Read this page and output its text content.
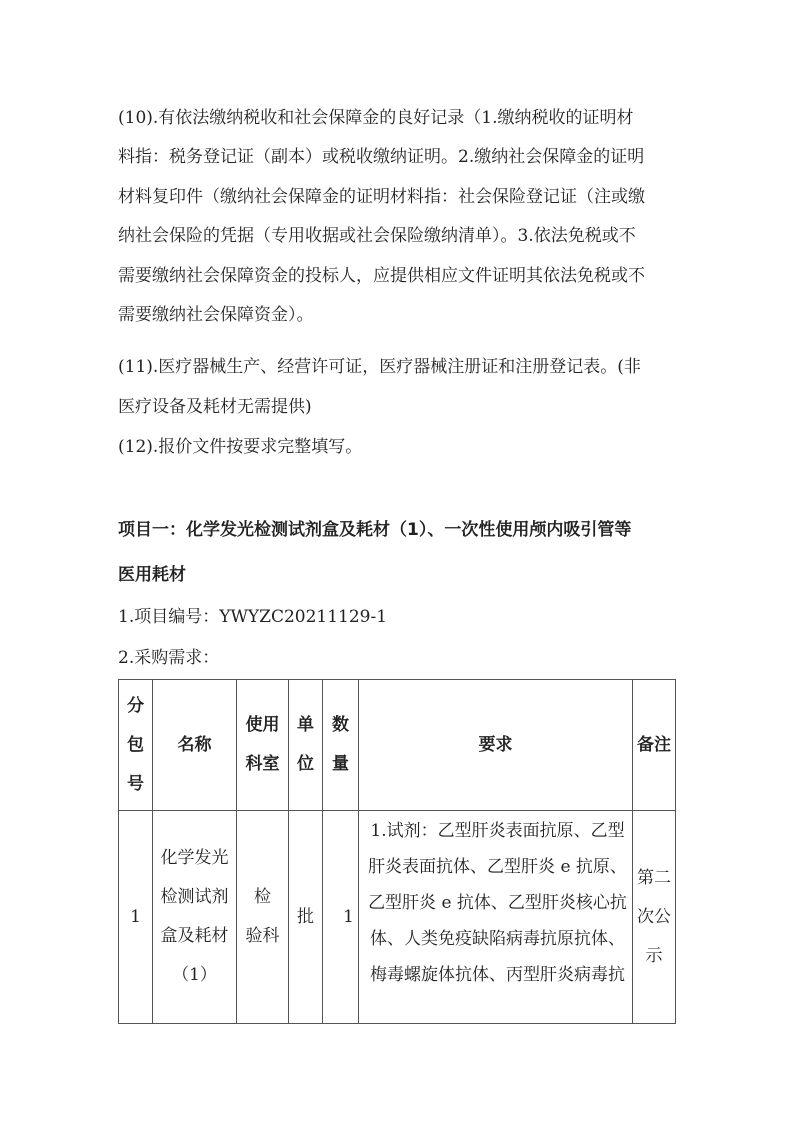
(10).有依法缴纳税收和社会保障金的良好记录（1.缴纳税收的证明材
料指：税务登记证（副本）或税收缴纳证明。2.缴纳社会保障金的证明
材料复印件（缴纳社会保障金的证明材料指：社会保险登记证（注或缴
纳社会保险的凭据（专用收据或社会保险缴纳清单）。3.依法免税或不
需要缴纳社会保障资金的投标人，应提供相应文件证明其依法免税或不
需要缴纳社会保障资金）。
(11).医疗器械生产、经营许可证，医疗器械注册证和注册登记表。(非
医疗设备及耗材无需提供)
(12).报价文件按要求完整填写。
项目一：化学发光检测试剂盒及耗材（1）、一次性使用颅内吸引管等
医用耗材
1.项目编号：YWYZC20211129-1
2.采购需求：
分
包
号	名称	使用
科室	单
位	数
量	要求	备注
1	化学发光
检测试剂
盒及耗材
（1）	检
验科	批	1	1.试剂：乙型肝炎表面抗原、乙型
肝炎表面抗体、乙型肝炎 e 抗原、
乙型肝炎 e 抗体、乙型肝炎核心抗
体、人类免疫缺陷病毒抗原抗体、
梅毒螺旋体抗体、丙型肝炎病毒抗	第二
次公
示
